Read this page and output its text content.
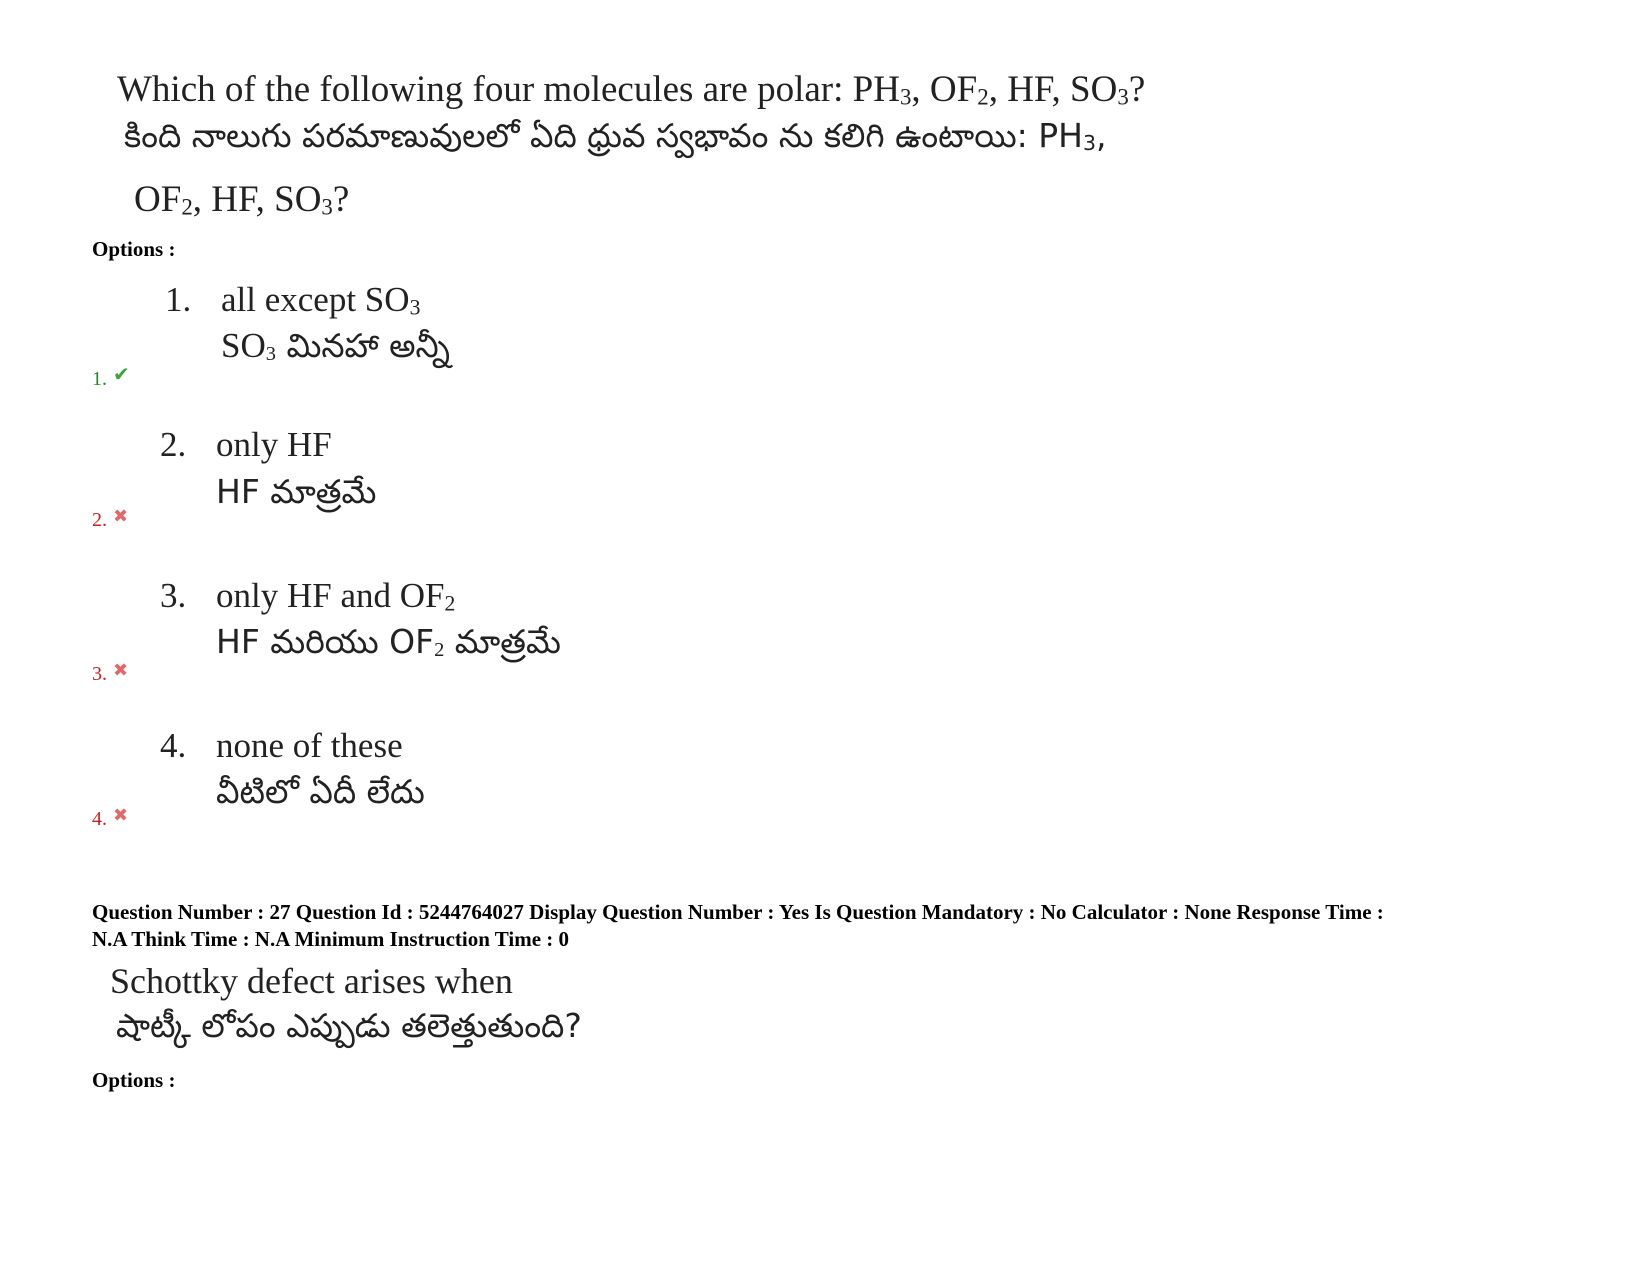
Which of the following four molecules are polar: $PH_3$, $OF_2$, HF, $SO_3$?
కింది నాలుగు పరమాణువులలో ఏది ధ్రువ స్వభావం ను కలిగి ఉంటాయి: $PH_3$,
$OF_2$, HF, $SO_3$?
Options :
1. all except $SO_3$
$SO_3$ మినహా అన్నీ
1. ✔
2. only HF
HF మాత్రమే
2. ✖
3. only HF and $OF_2$
HF మరియు $OF_2$ మాత్రమే
3. ✖
4. none of these
వీటిలో ఏదీ లేదు
4. ✖
Question Number : 27 Question Id : 5244764027 Display Question Number : Yes Is Question Mandatory : No Calculator : None Response Time :
N.A Think Time : N.A Minimum Instruction Time : 0
Schottky defect arises when
షాట్కీ లోపం ఎప్పుడు తలెత్తుతుంది?
Options :
